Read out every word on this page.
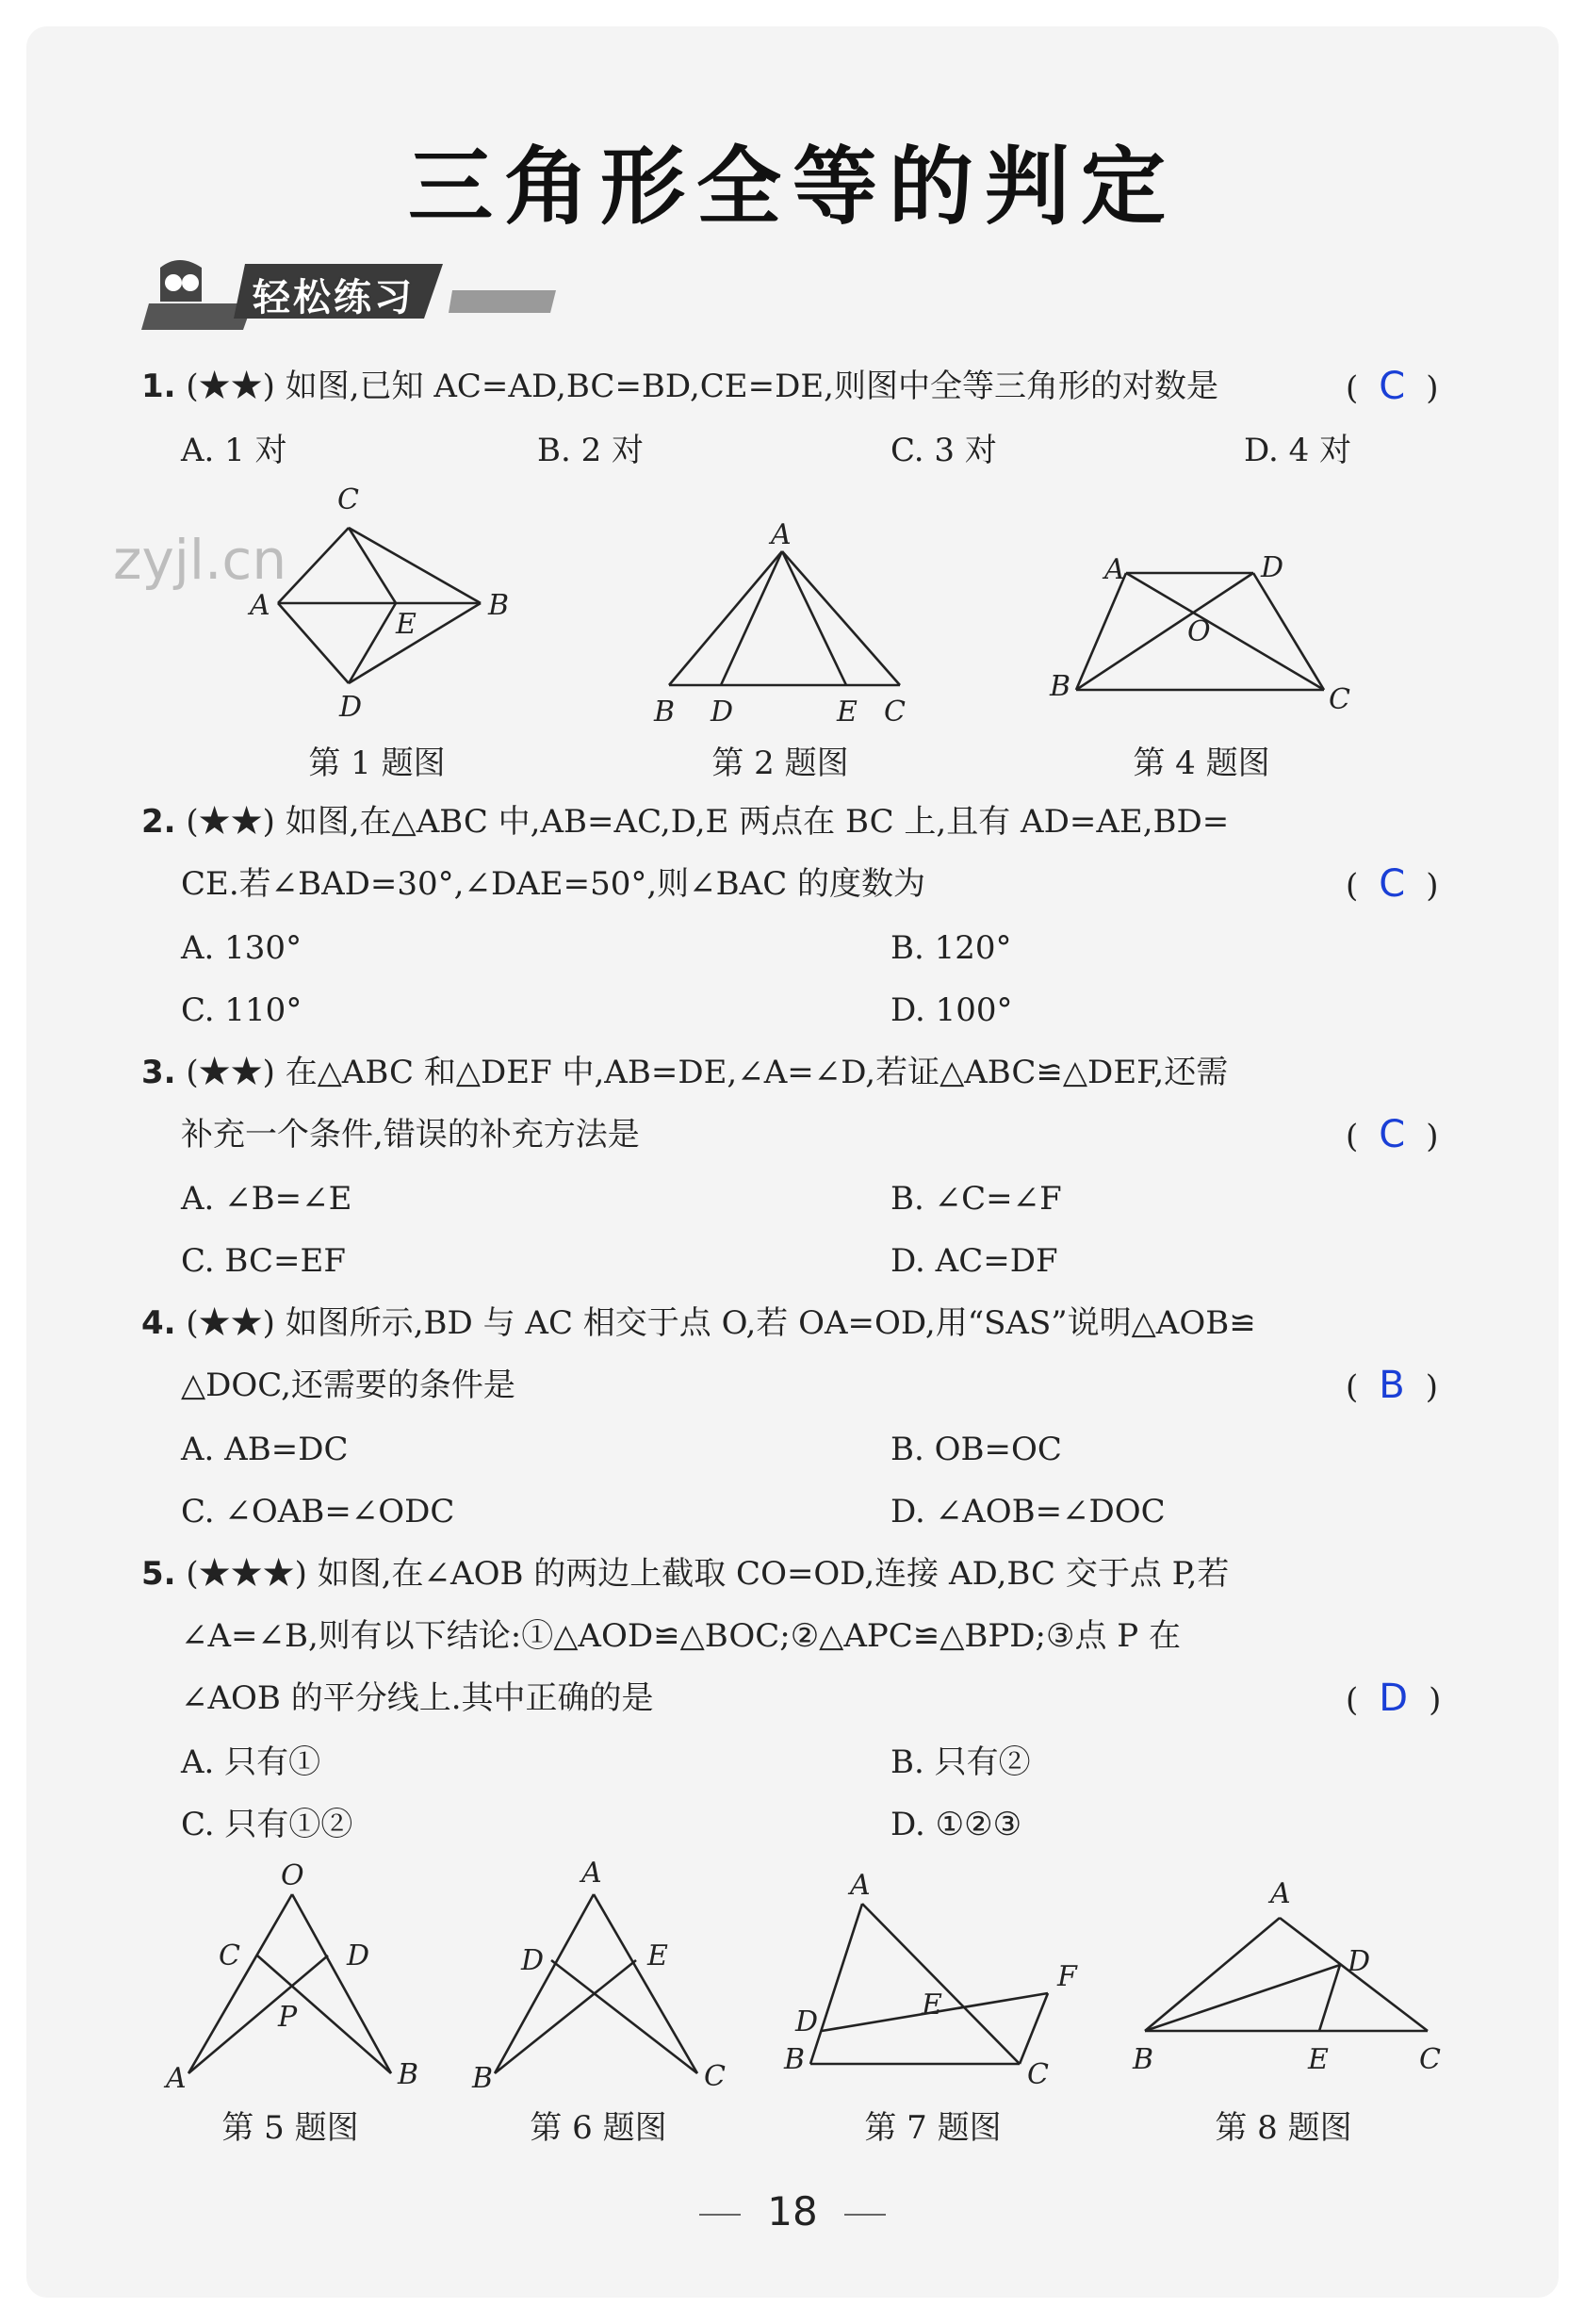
三角形全等的判定
轻松练习
zyjl.cn
1. (★★) 如图,已知 AC=AD,BC=BD,CE=DE,则图中全等三角形的对数是	( C )
A. 1 对	B. 2 对	C. 3 对	D. 4 对
C
A
E
B
D
第 1 题图
A
B D	E C
第 2 题图
A	D
O
B	C
第 4 题图
2. (★★) 如图,在△ABC 中,AB=AC,D,E 两点在 BC 上,且有 AD=AE,BD=
CE.若∠BAD=30°,∠DAE=50°,则∠BAC 的度数为	( C )
A. 130°	B. 120°
C. 110°	D. 100°
3. (★★) 在△ABC 和△DEF 中,AB=DE,∠A=∠D,若证△ABC≌△DEF,还需
补充一个条件,错误的补充方法是	( C )
A. ∠B=∠E	B. ∠C=∠F
C. BC=EF	D. AC=DF
4. (★★) 如图所示,BD 与 AC 相交于点 O,若 OA=OD,用“SAS”说明△AOB≌
△DOC,还需要的条件是	( B )
A. AB=DC	B. OB=OC
C. ∠OAB=∠ODC	D. ∠AOB=∠DOC
5. (★★★) 如图,在∠AOB 的两边上截取 CO=OD,连接 AD,BC 交于点 P,若
∠A=∠B,则有以下结论:①△AOD≌△BOC;②△APC≌△BPD;③点 P 在
∠AOB 的平分线上.其中正确的是	( D )
A. 只有①	B. 只有②
C. 只有①②	D. ①②③
O
C	D
P
A	B
第 5 题图
A
D	E
B	C
第 6 题图
A
F
D
E
B	C
第 7 题图
A
D
B	E	C
第 8 题图
18
